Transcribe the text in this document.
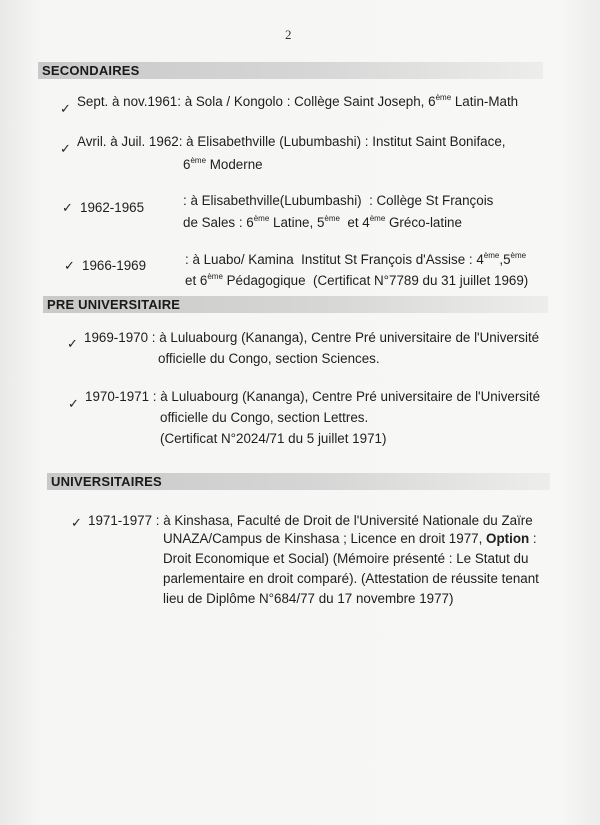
2
SECONDAIRES
✓ Sept. à nov.1961: à Sola / Kongolo : Collège Saint Joseph, 6ème Latin-Math
✓ Avril. à Juil. 1962: à Elisabethville (Lubumbashi) : Institut Saint Boniface,
6ème Moderne
✓ 1962-1965	: à Elisabethville(Lubumbashi)  : Collège St François
de Sales : 6ème Latine, 5ème  et 4ème Gréco-latine
✓ 1966-1969	: à Luabo/ Kamina  Institut St François d'Assise : 4ème,5ème
et 6ème Pédagogique  (Certificat N°7789 du 31 juillet 1969)
PRE UNIVERSITAIRE
✓ 1969-1970 : à Luluabourg (Kananga), Centre Pré universitaire de l'Université
officielle du Congo, section Sciences.
✓ 1970-1971 : à Luluabourg (Kananga), Centre Pré universitaire de l'Université
officielle du Congo, section Lettres.
(Certificat N°2024/71 du 5 juillet 1971)
UNIVERSITAIRES
✓ 1971-1977 : à Kinshasa, Faculté de Droit de l'Université Nationale du Zaïre
UNAZA/Campus de Kinshasa ; Licence en droit 1977, Option :
Droit Economique et Social) (Mémoire présenté : Le Statut du
parlementaire en droit comparé). (Attestation de réussite tenant
lieu de Diplôme N°684/77 du 17 novembre 1977)
